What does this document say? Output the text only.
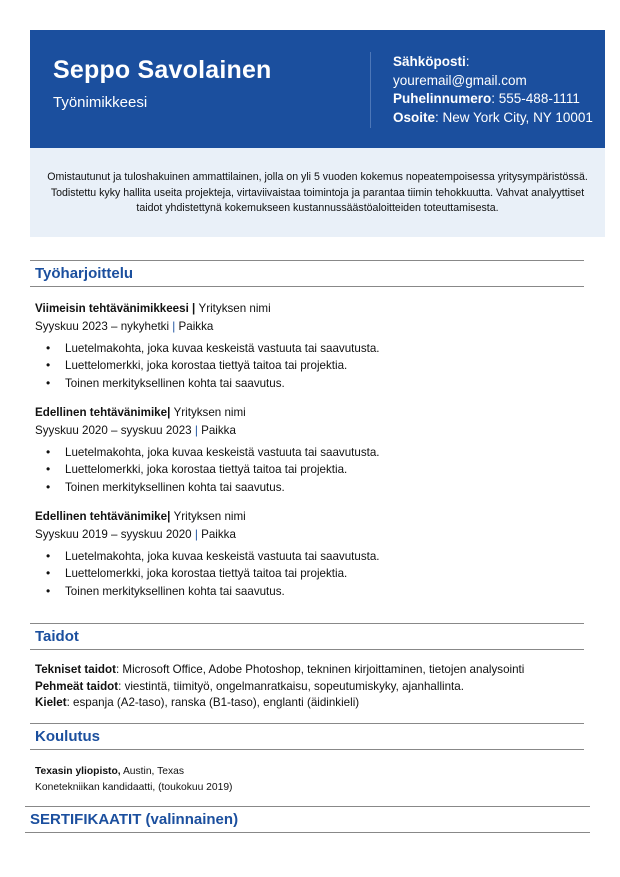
Seppo Savolainen
Työnimikkeesi
Sähköposti:
youremail@gmail.com
Puhelinnumero: 555-488-1111
Osoite: New York City, NY 10001
Omistautunut ja tuloshakuinen ammattilainen, jolla on yli 5 vuoden kokemus nopeatempoisessa yritysympäristössä. Todistettu kyky hallita useita projekteja, virtaviivaistaa toimintoja ja parantaa tiimin tehokkuutta. Vahvat analyyttiset taidot yhdistettynä kokemukseen kustannussäästöaloitteiden toteuttamisesta.
Työharjoittelu
Viimeisin tehtävänimikkeesi | Yrityksen nimi
Syyskuu 2023 – nykyhetki | Paikka
• Luetelmakohta, joka kuvaa keskeistä vastuuta tai saavutusta.
• Luettelomerkki, joka korostaa tiettyä taitoa tai projektia.
• Toinen merkityksellinen kohta tai saavutus.
Edellinen tehtävänimike| Yrityksen nimi
Syyskuu 2020 – syyskuu 2023 | Paikka
• Luetelmakohta, joka kuvaa keskeistä vastuuta tai saavutusta.
• Luettelomerkki, joka korostaa tiettyä taitoa tai projektia.
• Toinen merkityksellinen kohta tai saavutus.
Edellinen tehtävänimike| Yrityksen nimi
Syyskuu 2019 – syyskuu 2020 | Paikka
• Luetelmakohta, joka kuvaa keskeistä vastuuta tai saavutusta.
• Luettelomerkki, joka korostaa tiettyä taitoa tai projektia.
• Toinen merkityksellinen kohta tai saavutus.
Taidot
Tekniset taidot: Microsoft Office, Adobe Photoshop, tekninen kirjoittaminen, tietojen analysointi
Pehmeät taidot: viestintä, tiimityö, ongelmanratkaisu, sopeutumiskyky, ajanhallinta.
Kielet: espanja (A2-taso), ranska (B1-taso), englanti (äidinkieli)
Koulutus
Texasin yliopisto, Austin, Texas
Konetekniikan kandidaatti, (toukokuu 2019)
SERTIFIKAATIT (valinnainen)
